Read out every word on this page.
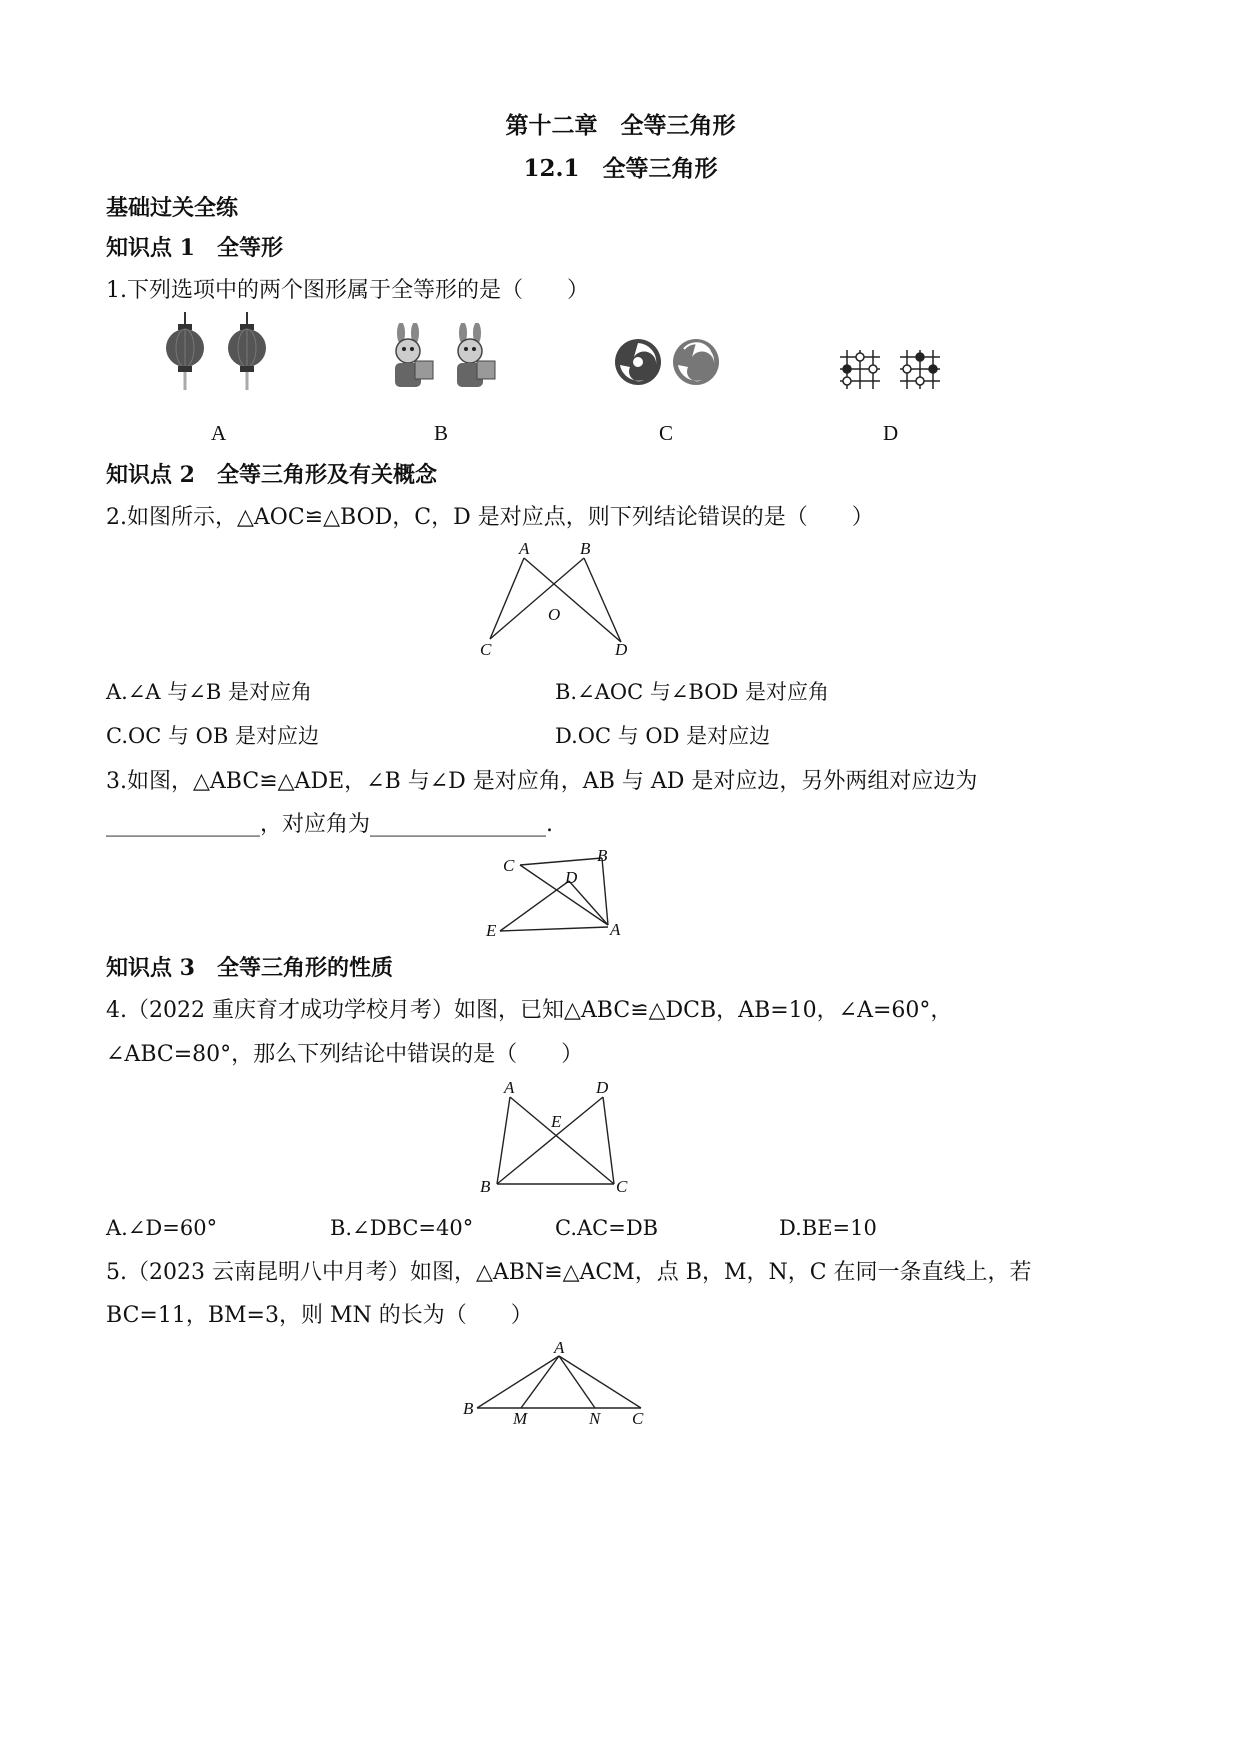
第十二章　全等三角形
12.1　全等三角形
基础过关全练
知识点 1　全等形
1.下列选项中的两个图形属于全等形的是（　　）
A	B	C	D
知识点 2　全等三角形及有关概念
2.如图所示，△AOC≌△BOD，C，D 是对应点，则下列结论错误的是（　　）
A	B
O
C	D
A.∠A 与∠B 是对应角	B.∠AOC 与∠BOD 是对应角
C.OC 与 OB 是对应边	D.OC 与 OD 是对应边
3.如图，△ABC≌△ADE，∠B 与∠D 是对应角，AB 与 AD 是对应边，另外两组对应边为
______________，对应角为________________.
C
B
D
E	A
知识点 3　全等三角形的性质
4.（2022 重庆育才成功学校月考）如图，已知△ABC≌△DCB，AB=10，∠A=60°，
∠ABC=80°，那么下列结论中错误的是（　　）
A	D
E
B	C
A.∠D=60°	B.∠DBC=40°	C.AC=DB	D.BE=10
5.（2023 云南昆明八中月考）如图，△ABN≌△ACM，点 B，M，N，C 在同一条直线上，若
BC=11，BM=3，则 MN 的长为（　　）
A
B
M	N C
